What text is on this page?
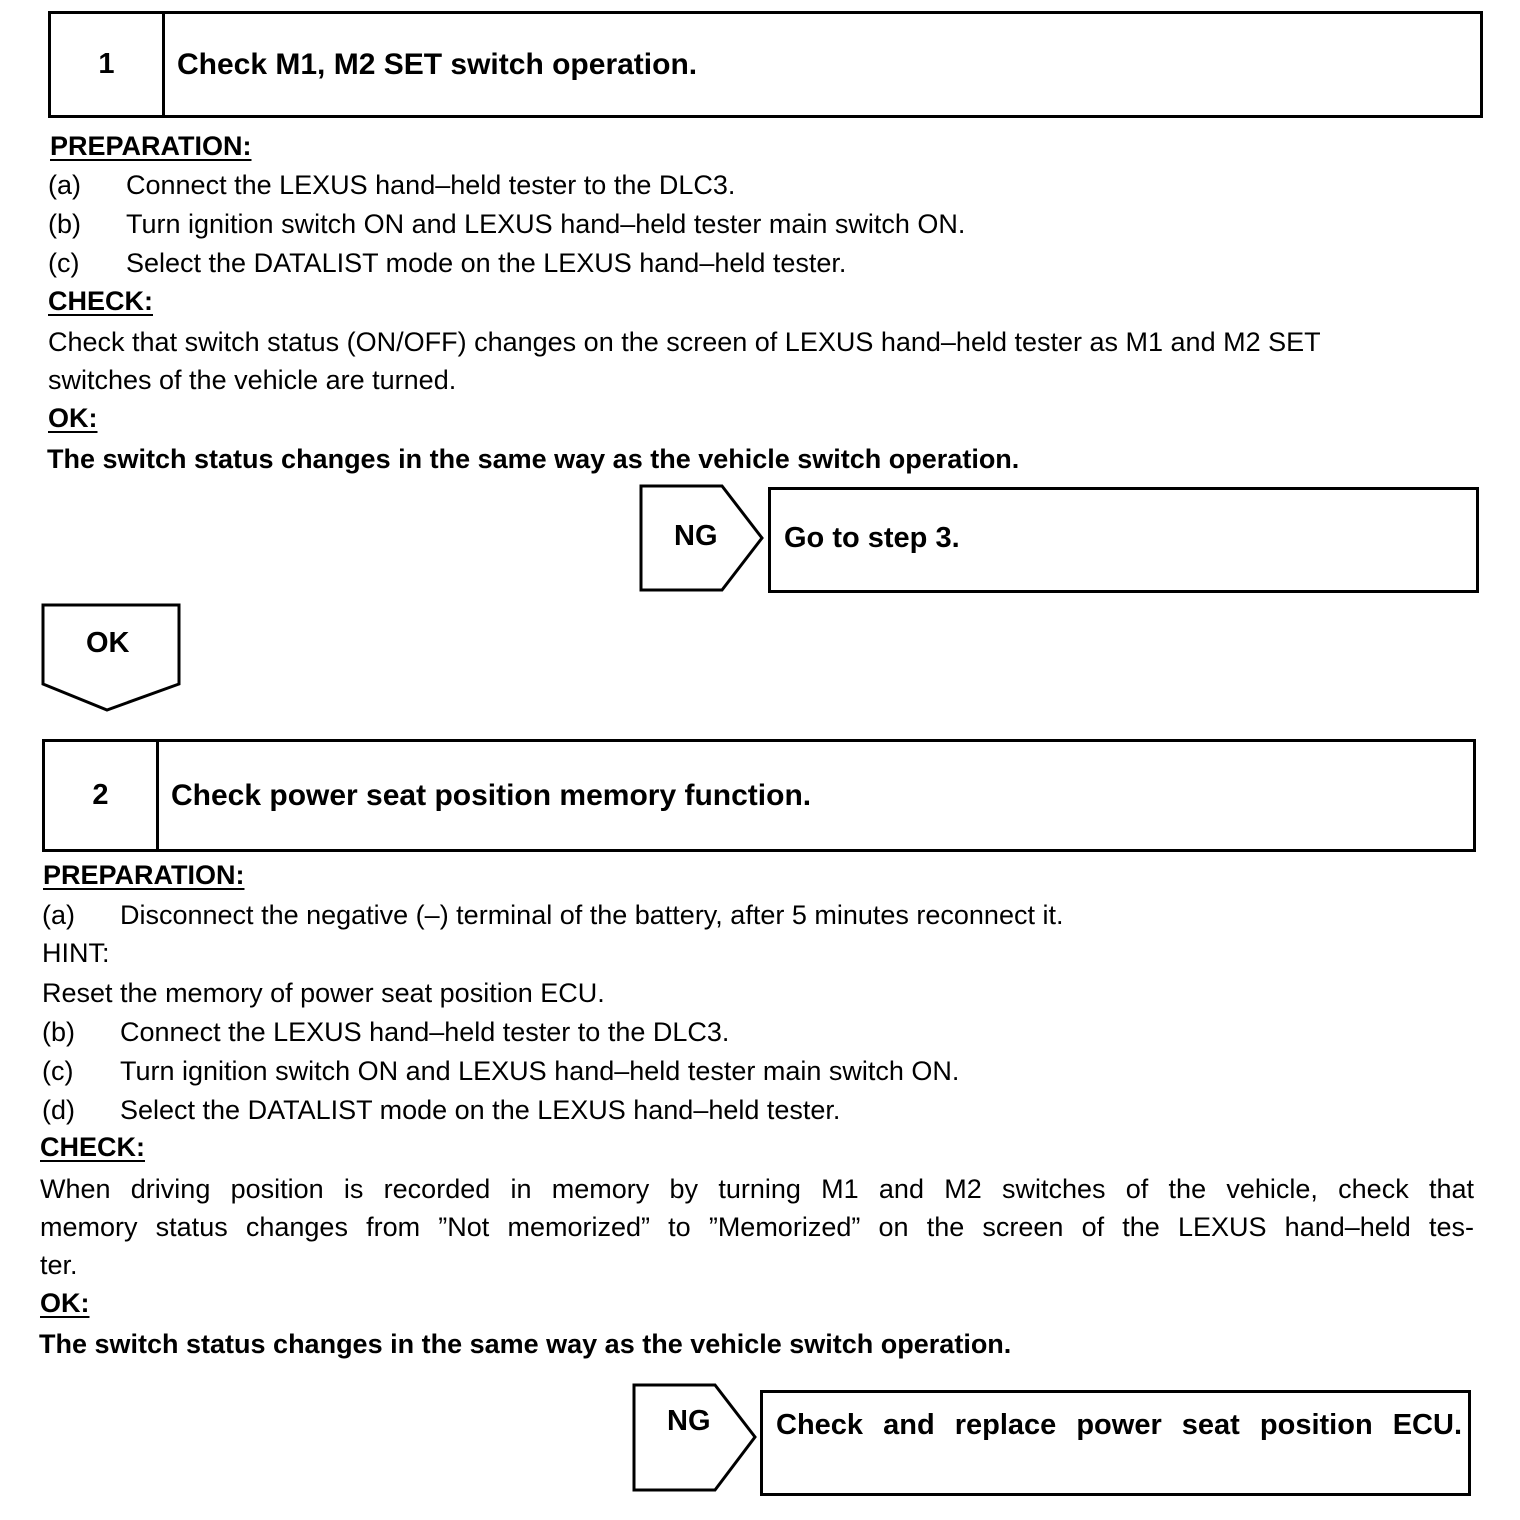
1	Check M1, M2 SET switch operation.
PREPARATION:
(a) Connect the LEXUS hand–held tester to the DLC3.
(b) Turn ignition switch ON and LEXUS hand–held tester main switch ON.
(c) Select the DATALIST mode on the LEXUS hand–held tester.
CHECK:
Check that switch status (ON/OFF) changes on the screen of LEXUS hand–held tester as M1 and M2 SET
switches of the vehicle are turned.
OK:
The switch status changes in the same way as the vehicle switch operation.
NG	Go to step 3.
OK
2	Check power seat position memory function.
PREPARATION:
(a) Disconnect the negative (–) terminal of the battery, after 5 minutes reconnect it.
HINT:
Reset the memory of power seat position ECU.
(b) Connect the LEXUS hand–held tester to the DLC3.
(c) Turn ignition switch ON and LEXUS hand–held tester main switch ON.
(d) Select the DATALIST mode on the LEXUS hand–held tester.
CHECK:
When driving position is recorded in memory by turning M1 and M2 switches of the vehicle, check that
memory status changes from ”Not memorized” to ”Memorized” on the screen of the LEXUS hand–held tes-
ter.
OK:
The switch status changes in the same way as the vehicle switch operation.
NG	Check and replace power seat position ECU.
